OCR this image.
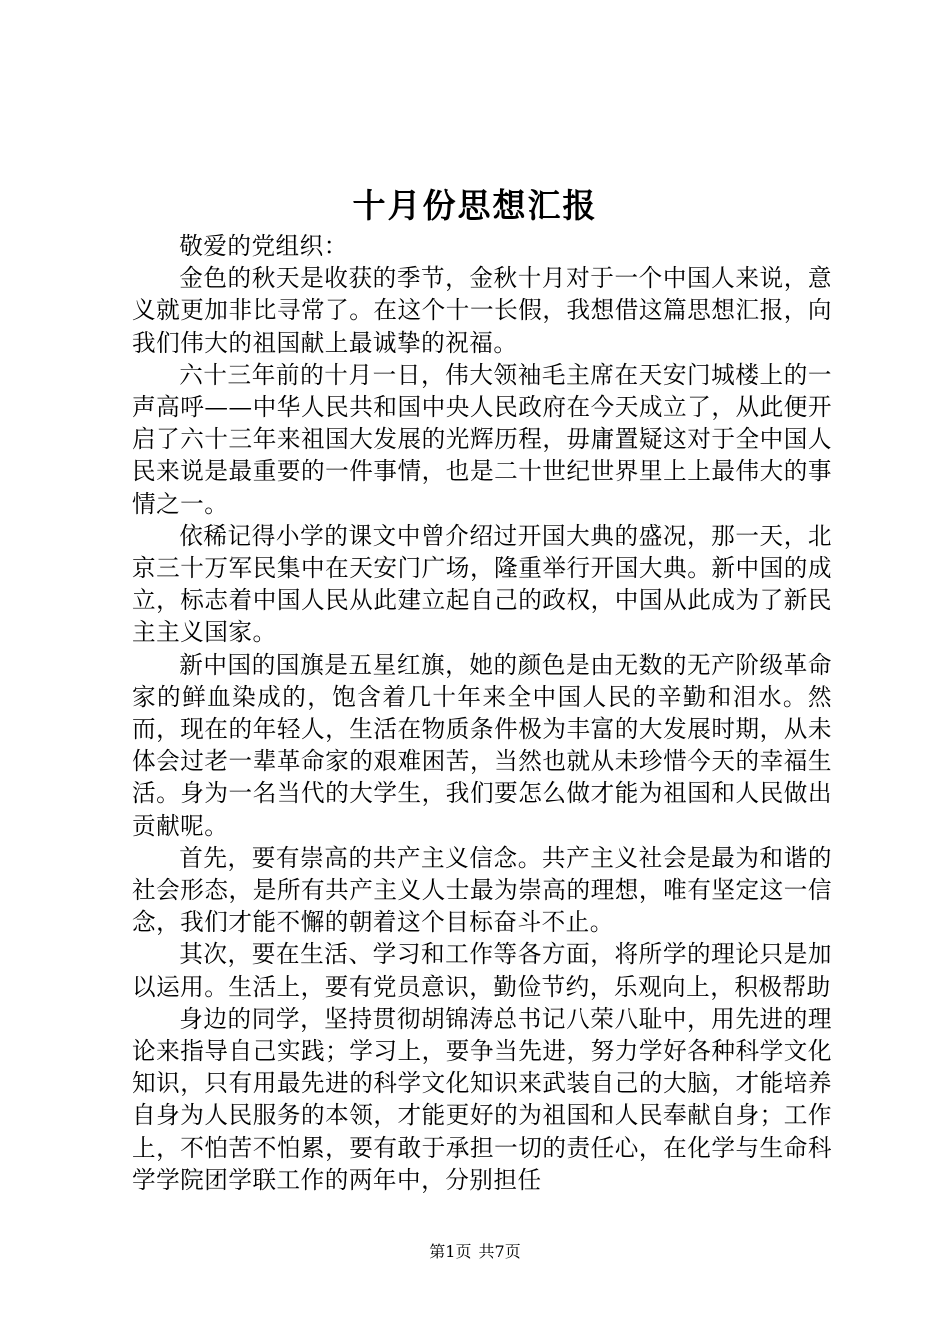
十月份思想汇报

敬爱的党组织：

金色的秋天是收获的季节，金秋十月对于一个中国人来说，意义就更加非比寻常了。在这个十一长假，我想借这篇思想汇报，向我们伟大的祖国献上最诚挚的祝福。

六十三年前的十月一日，伟大领袖毛主席在天安门城楼上的一声高呼——中华人民共和国中央人民政府在今天成立了，从此便开启了六十三年来祖国大发展的光辉历程，毋庸置疑这对于全中国人民来说是最重要的一件事情，也是二十世纪世界里上上最伟大的事情之一。

依稀记得小学的课文中曾介绍过开国大典的盛况，那一天，北京三十万军民集中在天安门广场，隆重举行开国大典。新中国的成立，标志着中国人民从此建立起自己的政权，中国从此成为了新民主主义国家。

新中国的国旗是五星红旗，她的颜色是由无数的无产阶级革命家的鲜血染成的，饱含着几十年来全中国人民的辛勤和泪水。然而，现在的年轻人，生活在物质条件极为丰富的大发展时期，从未体会过老一辈革命家的艰难困苦，当然也就从未珍惜今天的幸福生活。身为一名当代的大学生，我们要怎么做才能为祖国和人民做出贡献呢。

首先，要有崇高的共产主义信念。共产主义社会是最为和谐的社会形态，是所有共产主义人士最为崇高的理想，唯有坚定这一信念，我们才能不懈的朝着这个目标奋斗不止。

其次，要在生活、学习和工作等各方面，将所学的理论只是加以运用。生活上，要有党员意识，勤俭节约，乐观向上，积极帮助

身边的同学，坚持贯彻胡锦涛总书记八荣八耻中，用先进的理论来指导自己实践；学习上，要争当先进，努力学好各种科学文化知识，只有用最先进的科学文化知识来武装自己的大脑，才能培养自身为人民服务的本领，才能更好的为祖国和人民奉献自身；工作上，不怕苦不怕累，要有敢于承担一切的责任心，在化学与生命科学学院团学联工作的两年中，分别担任

第1页 共7页
